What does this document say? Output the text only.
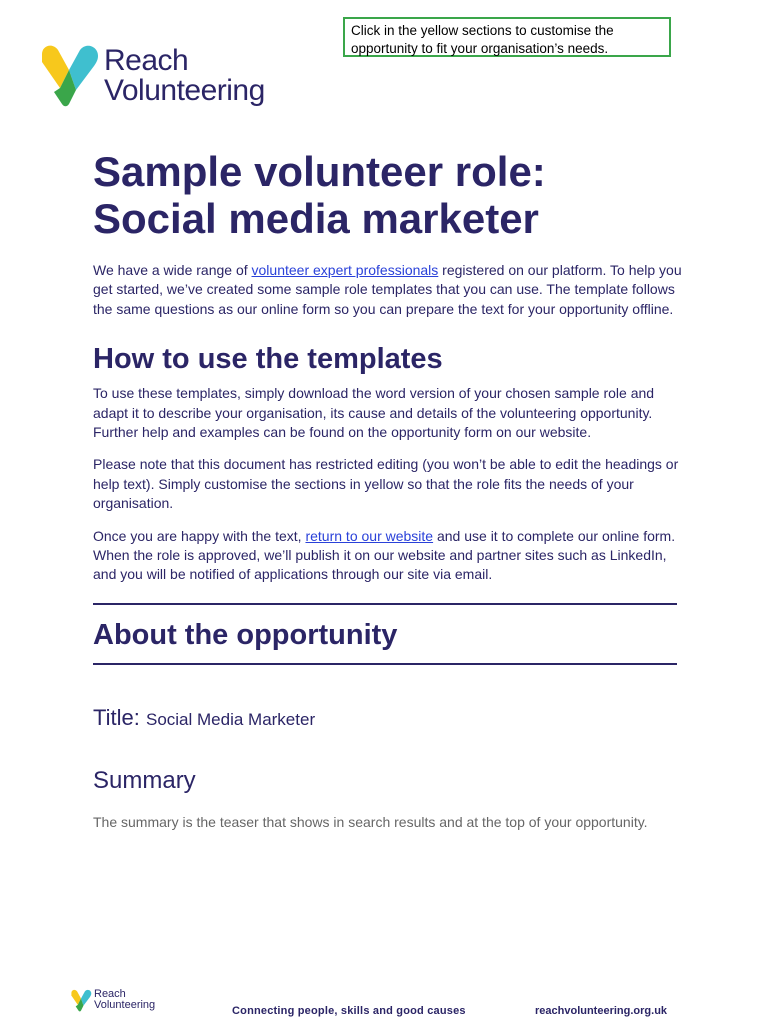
Click in the yellow sections to customise the opportunity to fit your organisation’s needs.
Reach
Volunteering
Sample volunteer role:
Social media marketer

We have a wide range of volunteer expert professionals registered on our platform. To help you get started, we’ve created some sample role templates that you can use. The template follows the same questions as our online form so you can prepare the text for your opportunity offline.

How to use the templates

To use these templates, simply download the word version of your chosen sample role and adapt it to describe your organisation, its cause and details of the volunteering opportunity. Further help and examples can be found on the opportunity form on our website.

Please note that this document has restricted editing (you won’t be able to edit the headings or help text). Simply customise the sections in yellow so that the role fits the needs of your organisation.

Once you are happy with the text, return to our website and use it to complete our online form. When the role is approved, we’ll publish it on our website and partner sites such as LinkedIn, and you will be notified of applications through our site via email.

About the opportunity
Title: Social Media Marketer
Summary

The summary is the teaser that shows in search results and at the top of your opportunity.

Reach
Volunteering	Connecting people, skills and good causes	reachvolunteering.org.uk
